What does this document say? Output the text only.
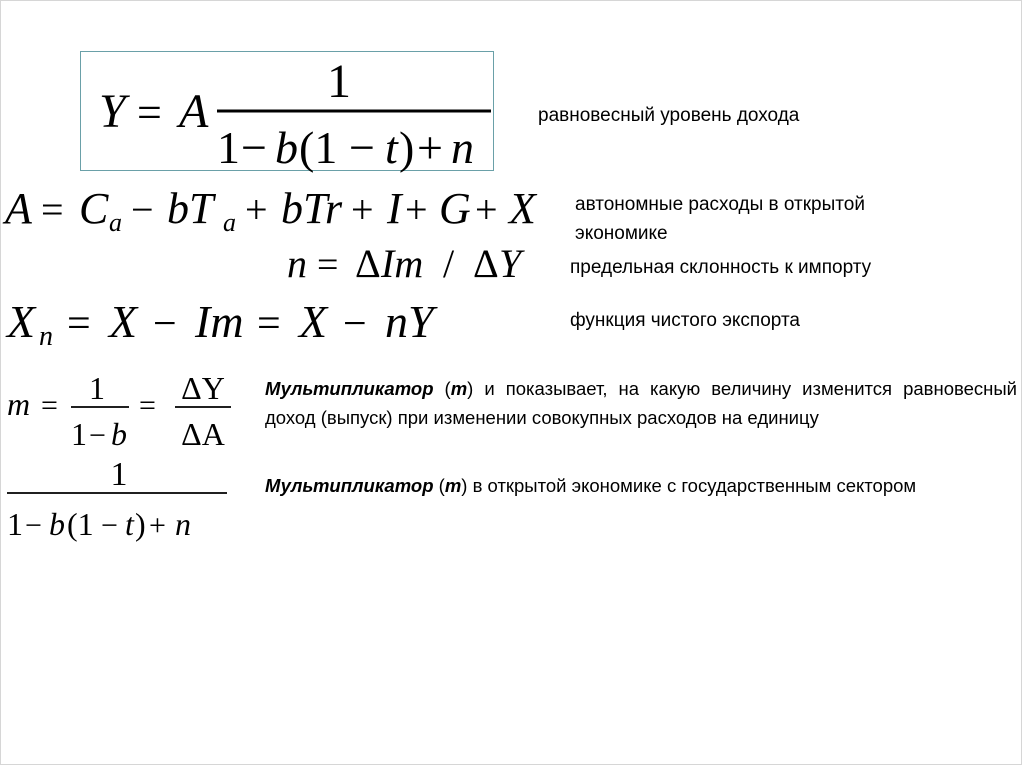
Y = A
1
1 − b (1 − t ) + n
равновесный уровень дохода
A = C a − bT a + bTr + I + G + X автономные расходы в открытой
экономике
n = Δ Im / Δ Y	предельная склонность к импорту
X n = X − Im = X − nY	функция чистого экспорта
m = 1
1 − b
= ΔY
ΔA
1
1 − b (1 − t ) + n
Мультипликатор (m) и показывает, на какую величину изменится равновесный доход (выпуск) при изменении совокупных расходов на единицу
Мультипликатор (m) в открытой экономике с государственным сектором
